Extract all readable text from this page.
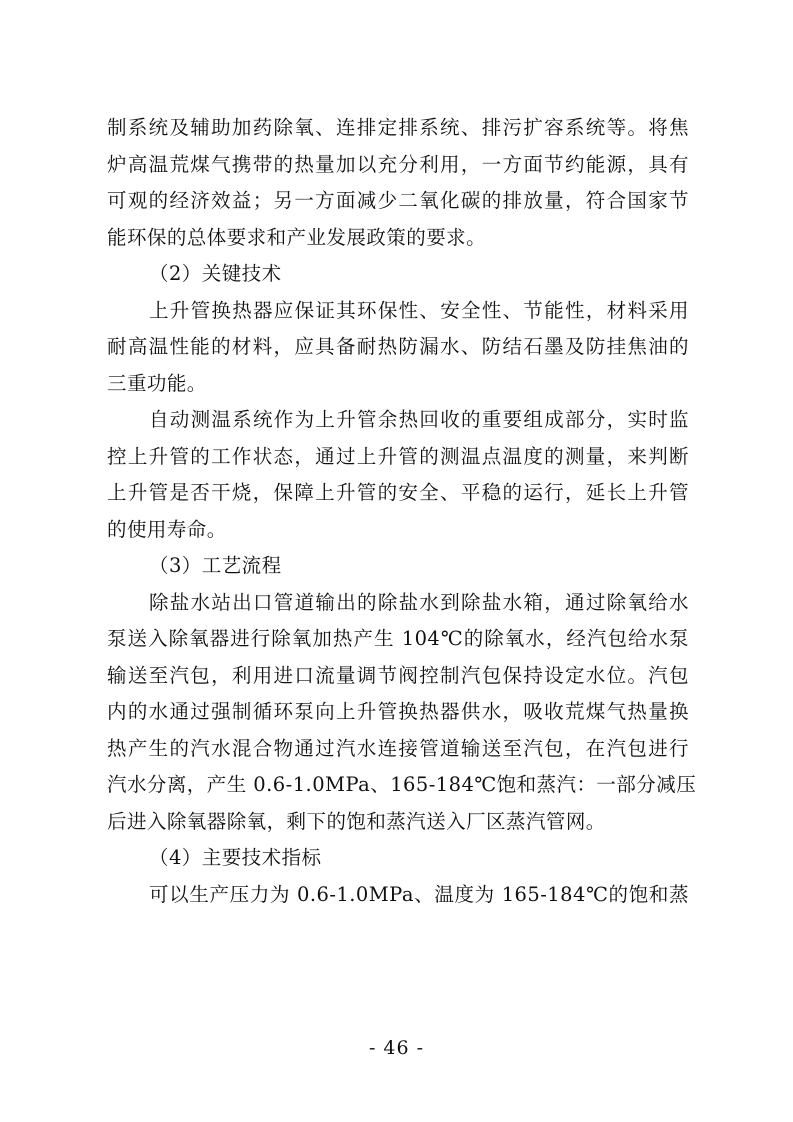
制系统及辅助加药除氧、连排定排系统、排污扩容系统等。将焦
炉高温荒煤气携带的热量加以充分利用，一方面节约能源，具有
可观的经济效益；另一方面减少二氧化碳的排放量，符合国家节
能环保的总体要求和产业发展政策的要求。
（2）关键技术
上升管换热器应保证其环保性、安全性、节能性，材料采用
耐高温性能的材料，应具备耐热防漏水、防结石墨及防挂焦油的
三重功能。
自动测温系统作为上升管余热回收的重要组成部分，实时监
控上升管的工作状态，通过上升管的测温点温度的测量，来判断
上升管是否干烧，保障上升管的安全、平稳的运行，延长上升管
的使用寿命。
（3）工艺流程
除盐水站出口管道输出的除盐水到除盐水箱，通过除氧给水
泵送入除氧器进行除氧加热产生 104℃的除氧水，经汽包给水泵
输送至汽包，利用进口流量调节阀控制汽包保持设定水位。汽包
内的水通过强制循环泵向上升管换热器供水，吸收荒煤气热量换
热产生的汽水混合物通过汽水连接管道输送至汽包，在汽包进行
汽水分离，产生 0.6-1.0MPa、165-184℃饱和蒸汽：一部分减压
后进入除氧器除氧，剩下的饱和蒸汽送入厂区蒸汽管网。
（4）主要技术指标
可以生产压力为 0.6-1.0MPa、温度为 165-184℃的饱和蒸
- 46 -
